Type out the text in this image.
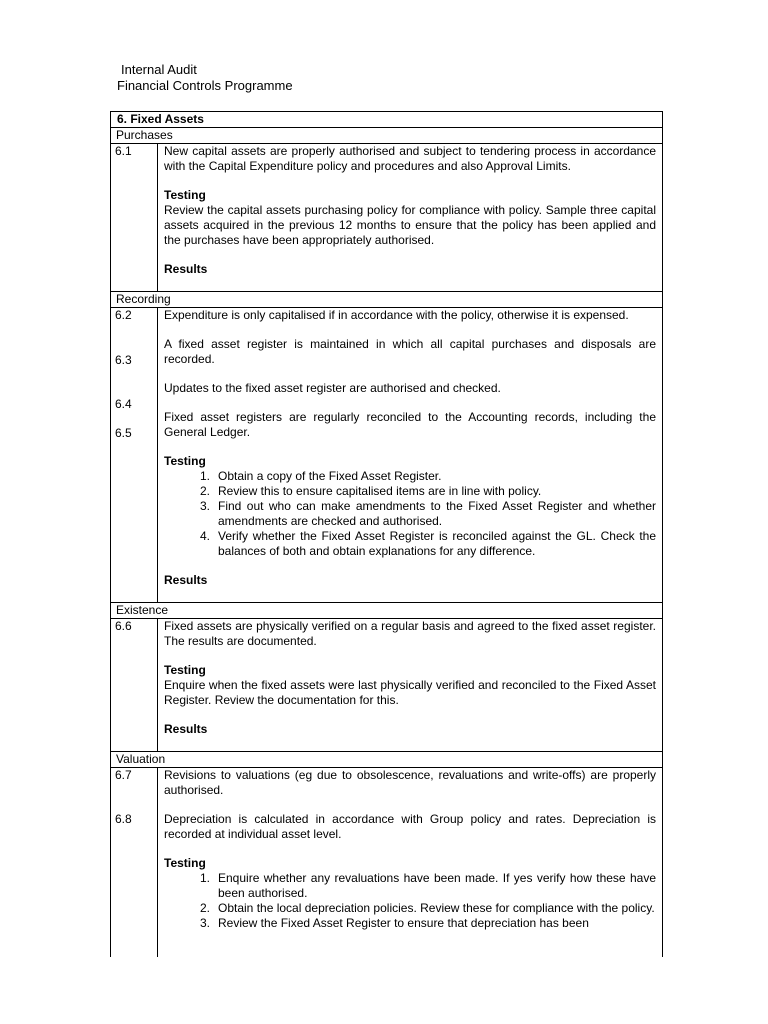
Internal Audit
Financial Controls Programme
6. Fixed Assets
Purchases
6.1	New capital assets are properly authorised and subject to tendering process in accordance with the Capital Expenditure policy and procedures and also Approval Limits.

Testing

Review the capital assets purchasing policy for compliance with policy. Sample three capital assets acquired in the previous 12 months to ensure that the policy has been applied and the purchases have been appropriately authorised.

Results
Recording
6.2
6.3
6.4
6.5

Expenditure is only capitalised if in accordance with the policy, otherwise it is expensed.

A fixed asset register is maintained in which all capital purchases and disposals are recorded.

Updates to the fixed asset register are authorised and checked.

Fixed asset registers are regularly reconciled to the Accounting records, including the General Ledger.

Testing
1. Obtain a copy of the Fixed Asset Register.
2. Review this to ensure capitalised items are in line with policy.
3. Find out who can make amendments to the Fixed Asset Register and whether amendments are checked and authorised.
4. Verify whether the Fixed Asset Register is reconciled against the GL. Check the balances of both and obtain explanations for any difference.
Results
Existence
6.6	Fixed assets are physically verified on a regular basis and agreed to the fixed asset register. The results are documented.

Testing

Enquire when the fixed assets were last physically verified and reconciled to the Fixed Asset Register. Review the documentation for this.

Results
Valuation
6.7
6.8

Revisions to valuations (eg due to obsolescence, revaluations and write-offs) are properly authorised.

Depreciation is calculated in accordance with Group policy and rates. Depreciation is recorded at individual asset level.

Testing
1. Enquire whether any revaluations have been made. If yes verify how these have been authorised.
2. Obtain the local depreciation policies. Review these for compliance with the policy.
3. Review the Fixed Asset Register to ensure that depreciation has been
